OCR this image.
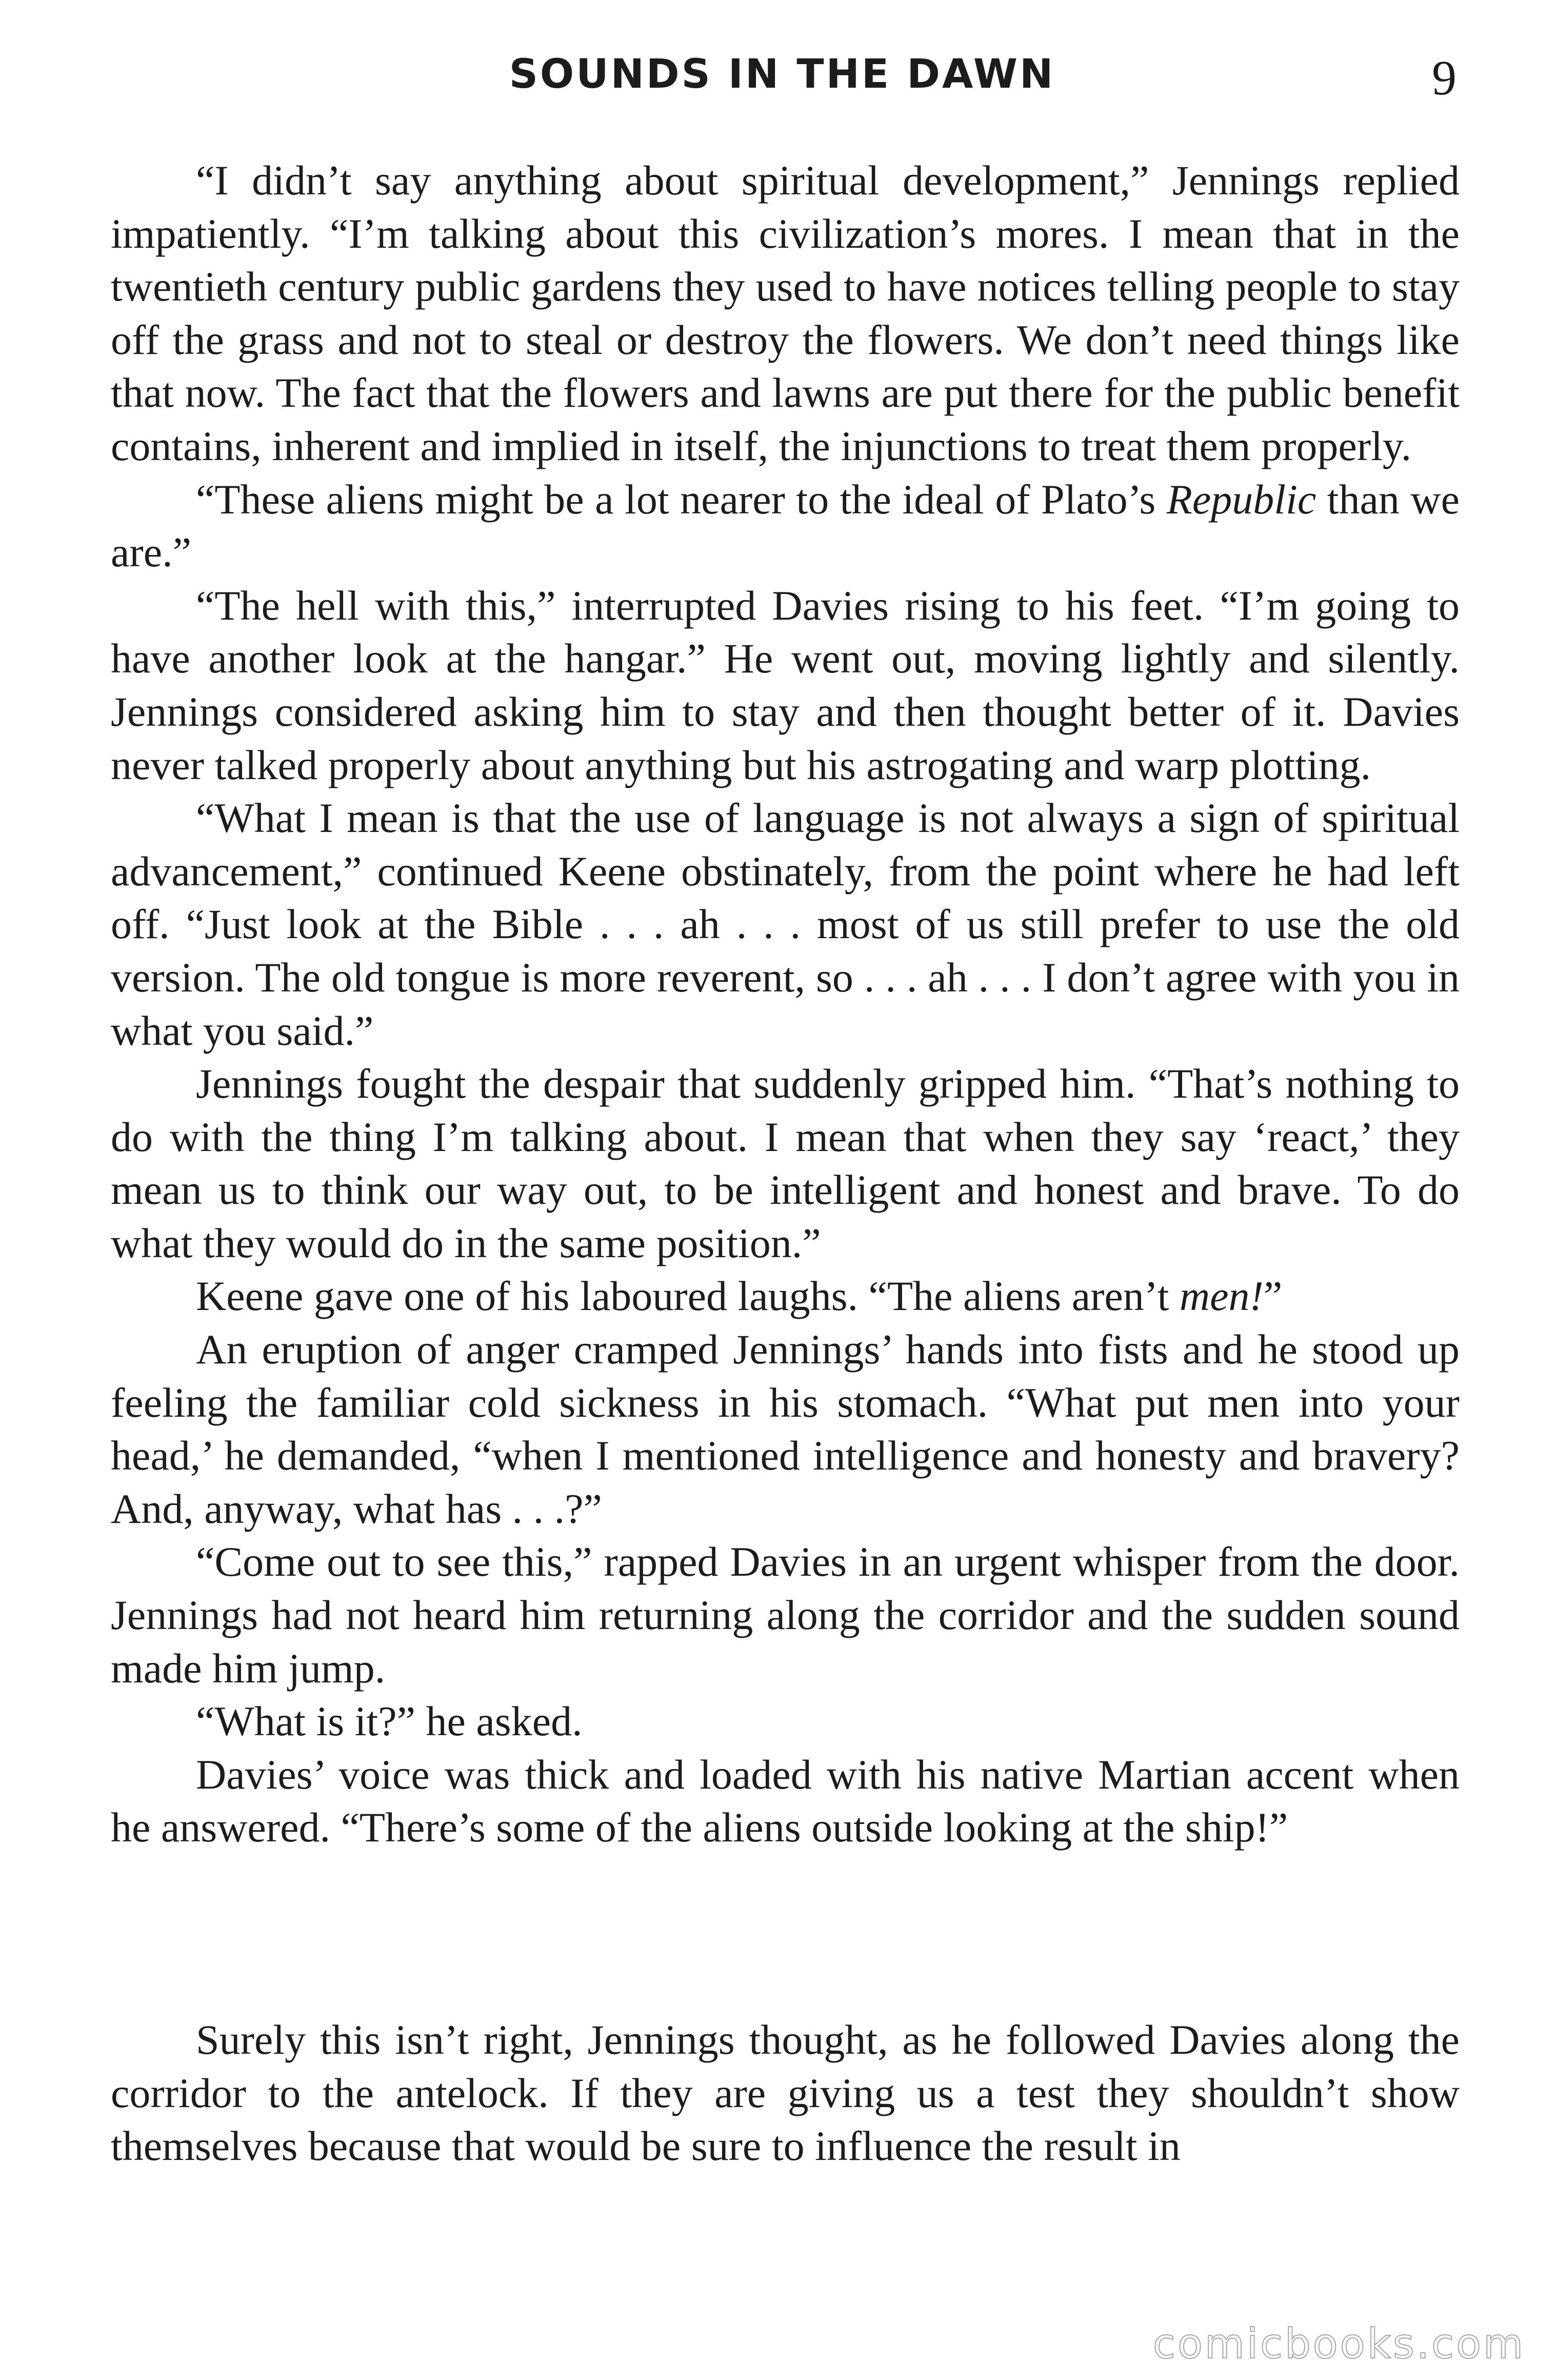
SOUNDS IN THE DAWN	9

“I didn’t say anything about spiritual development,” Jennings replied impatiently. “I’m talking about this civilization’s mores. I mean that in the twentieth century public gardens they used to have notices telling people to stay off the grass and not to steal or destroy the flowers. We don’t need things like that now. The fact that the flowers and lawns are put there for the public benefit contains, inherent and implied in itself, the injunctions to treat them properly.

“These aliens might be a lot nearer to the ideal of Plato’s Republic than we are.”

“The hell with this,” interrupted Davies rising to his feet. “I’m going to have another look at the hangar.” He went out, moving lightly and silently. Jennings considered asking him to stay and then thought better of it. Davies never talked properly about anything but his astrogating and warp plotting.

“What I mean is that the use of language is not always a sign of spiritual advancement,” continued Keene obstinately, from the point where he had left off. “Just look at the Bible . . . ah . . . most of us still prefer to use the old version. The old tongue is more reverent, so . . . ah . . . I don’t agree with you in what you said.”

Jennings fought the despair that suddenly gripped him. “That’s nothing to do with the thing I’m talking about. I mean that when they say ‘react,’ they mean us to think our way out, to be intelligent and honest and brave. To do what they would do in the same position.”

Keene gave one of his laboured laughs. “The aliens aren’t men!”

An eruption of anger cramped Jennings’ hands into fists and he stood up feeling the familiar cold sickness in his stomach. “What put men into your head,’ he demanded, “when I mentioned intelligence and honesty and bravery? And, anyway, what has . . .?”

“Come out to see this,” rapped Davies in an urgent whisper from the door. Jennings had not heard him returning along the corridor and the sudden sound made him jump.

“What is it?” he asked.

Davies’ voice was thick and loaded with his native Martian accent when he answered. “There’s some of the aliens outside looking at the ship!”

Surely this isn’t right, Jennings thought, as he followed Davies along the corridor to the antelock. If they are giving us a test they shouldn’t show themselves because that would be sure to influence the result in

comicbooks.com
